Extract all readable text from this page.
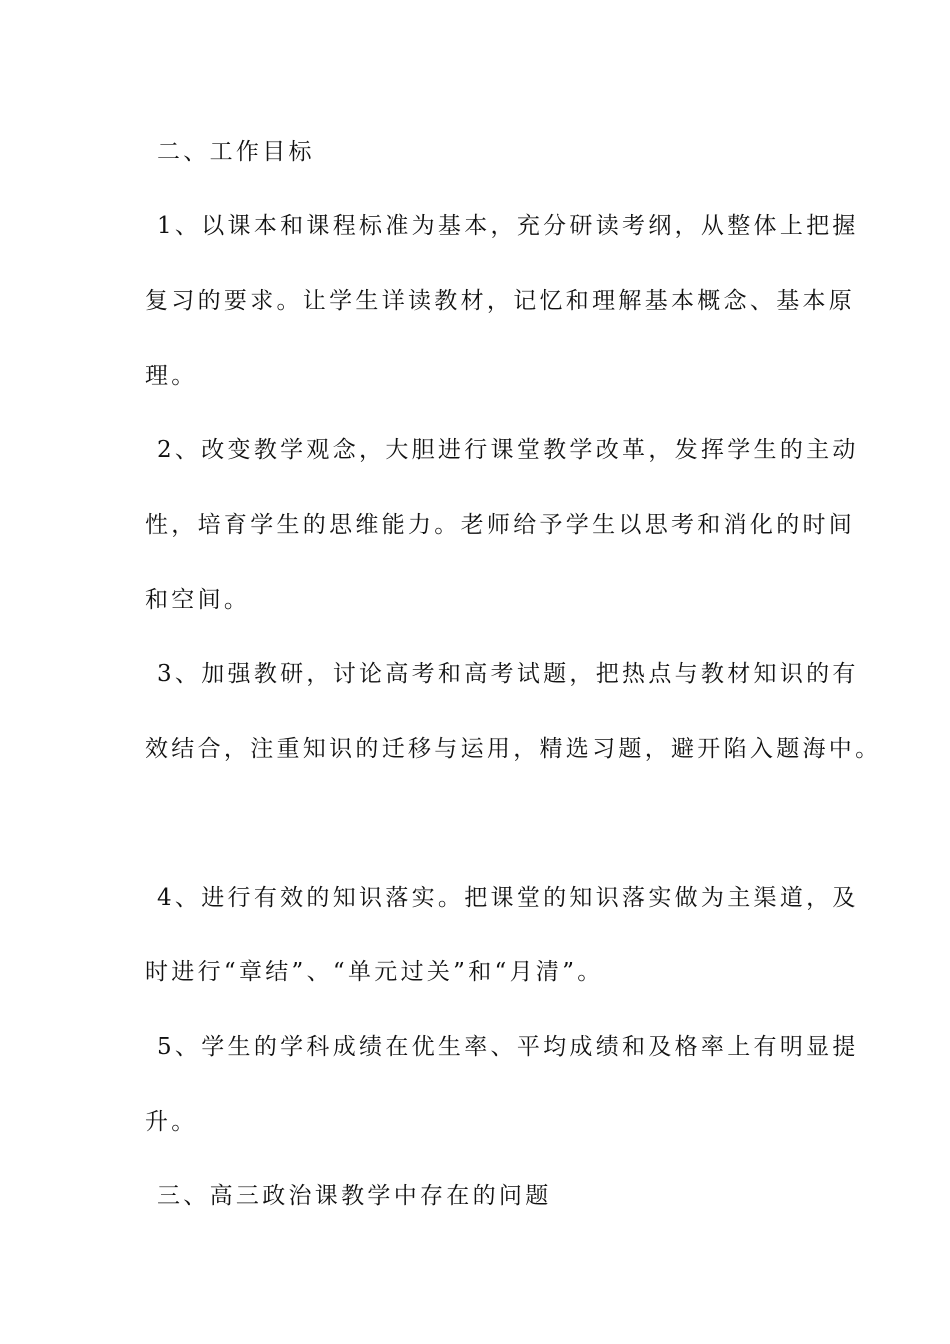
二、工作目标
1、以课本和课程标准为基本，充分研读考纲，从整体上把握
复习的要求。让学生详读教材，记忆和理解基本概念、基本原
理。
2、改变教学观念，大胆进行课堂教学改革，发挥学生的主动
性，培育学生的思维能力。老师给予学生以思考和消化的时间
和空间。
3、加强教研，讨论高考和高考试题，把热点与教材知识的有
效结合，注重知识的迁移与运用，精选习题，避开陷入题海中。
4、进行有效的知识落实。把课堂的知识落实做为主渠道，及
时进行“章结”、“单元过关”和“月清”。
5、学生的学科成绩在优生率、平均成绩和及格率上有明显提
升。
三、高三政治课教学中存在的问题
